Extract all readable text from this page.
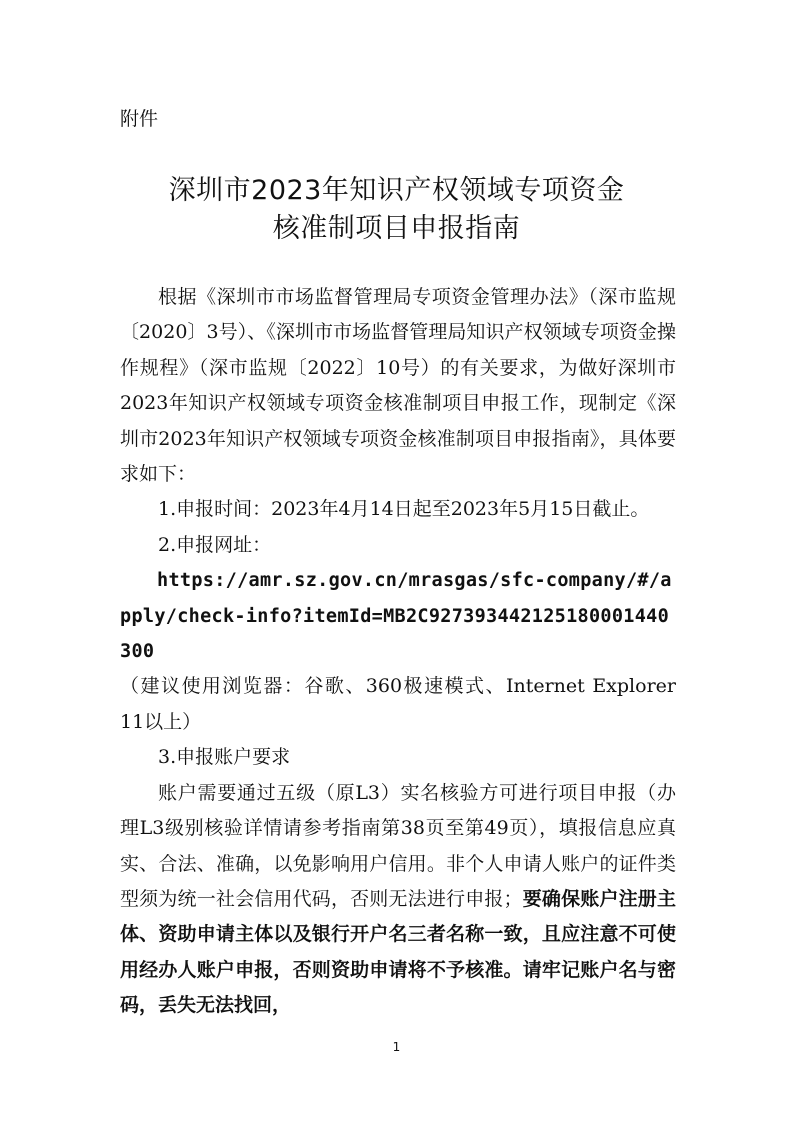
附件
深圳市2023年知识产权领域专项资金
核准制项目申报指南

根据《深圳市市场监督管理局专项资金管理办法》（深市监规〔2020〕3号）、《深圳市市场监督管理局知识产权领域专项资金操作规程》（深市监规〔2022〕10号）的有关要求，为做好深圳市2023年知识产权领域专项资金核准制项目申报工作，现制定《深圳市2023年知识产权领域专项资金核准制项目申报指南》，具体要求如下：

1.申报时间：2023年4月14日起至2023年5月15日截止。

2.申报网址：

https://amr.sz.gov.cn/mrasgas/sfc-company/#/apply/check-info?itemId=MB2C927393442125180001440300

（建议使用浏览器：谷歌、360极速模式、Internet Explorer 11以上）

3.申报账户要求

账户需要通过五级（原L3）实名核验方可进行项目申报（办理L3级别核验详情请参考指南第38页至第49页），填报信息应真实、合法、准确，以免影响用户信用。非个人申请人账户的证件类型须为统一社会信用代码，否则无法进行申报；要确保账户注册主体、资助申请主体以及银行开户名三者名称一致，且应注意不可使用经办人账户申报，否则资助申请将不予核准。请牢记账户名与密码，丢失无法找回，

1
